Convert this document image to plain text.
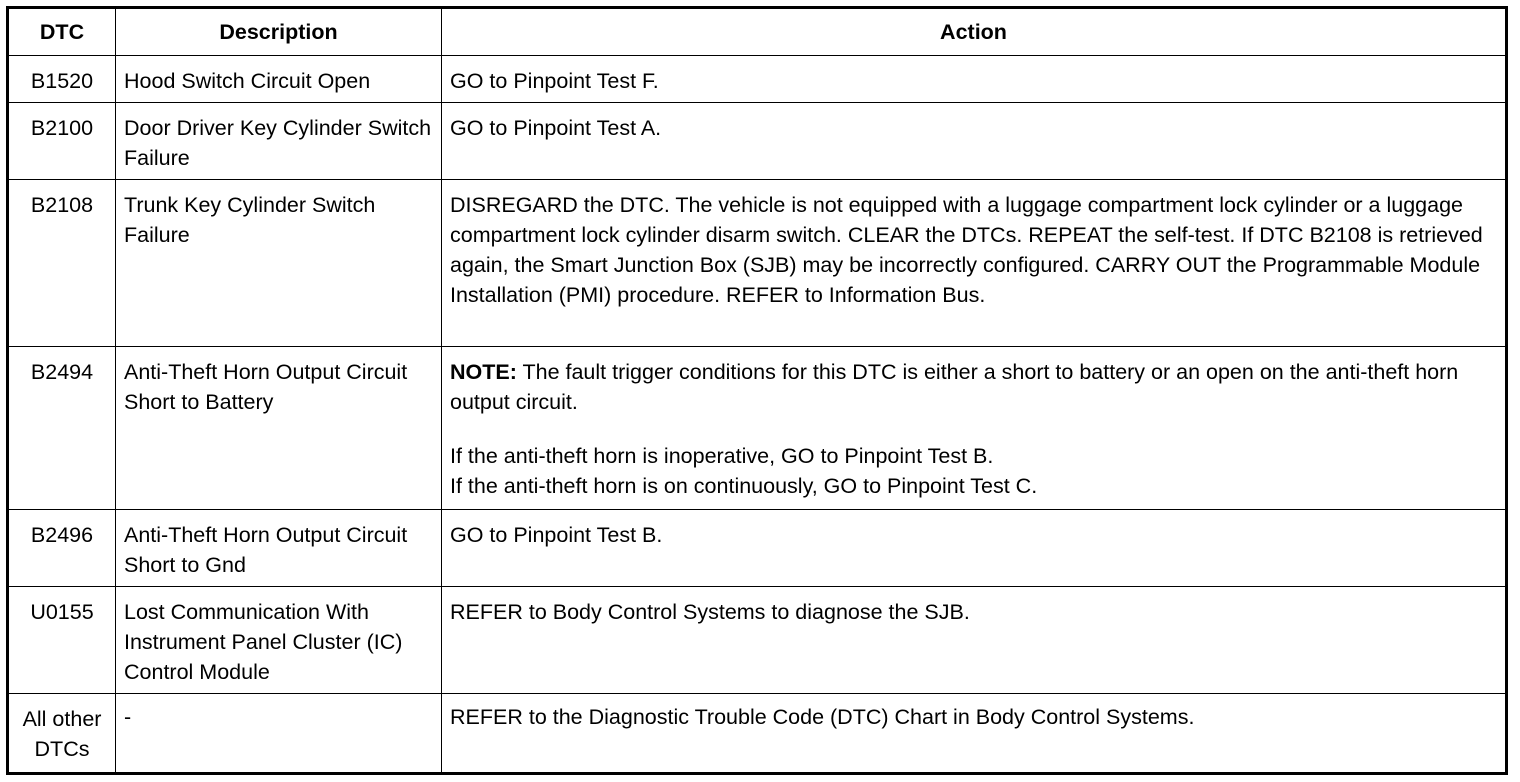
DTC	Description	Action
B1520	Hood Switch Circuit Open	GO to Pinpoint Test F.
B2100	Door Driver Key Cylinder Switch Failure	GO to Pinpoint Test A.
B2108	Trunk Key Cylinder Switch Failure	DISREGARD the DTC. The vehicle is not equipped with a luggage compartment lock cylinder or a luggage compartment lock cylinder disarm switch. CLEAR the DTCs. REPEAT the self-test. If DTC B2108 is retrieved again, the Smart Junction Box (SJB) may be incorrectly configured. CARRY OUT the Programmable Module Installation (PMI) procedure. REFER to Information Bus.
B2494	Anti-Theft Horn Output Circuit Short to Battery	NOTE: The fault trigger conditions for this DTC is either a short to battery or an open on the anti-theft horn output circuit.
If the anti-theft horn is inoperative, GO to Pinpoint Test B.
If the anti-theft horn is on continuously, GO to Pinpoint Test C.

B2496	Anti-Theft Horn Output Circuit Short to Gnd	GO to Pinpoint Test B.
U0155	Lost Communication With Instrument Panel Cluster (IC) Control Module	REFER to Body Control Systems to diagnose the SJB.
All other DTCs	-	REFER to the Diagnostic Trouble Code (DTC) Chart in Body Control Systems.
